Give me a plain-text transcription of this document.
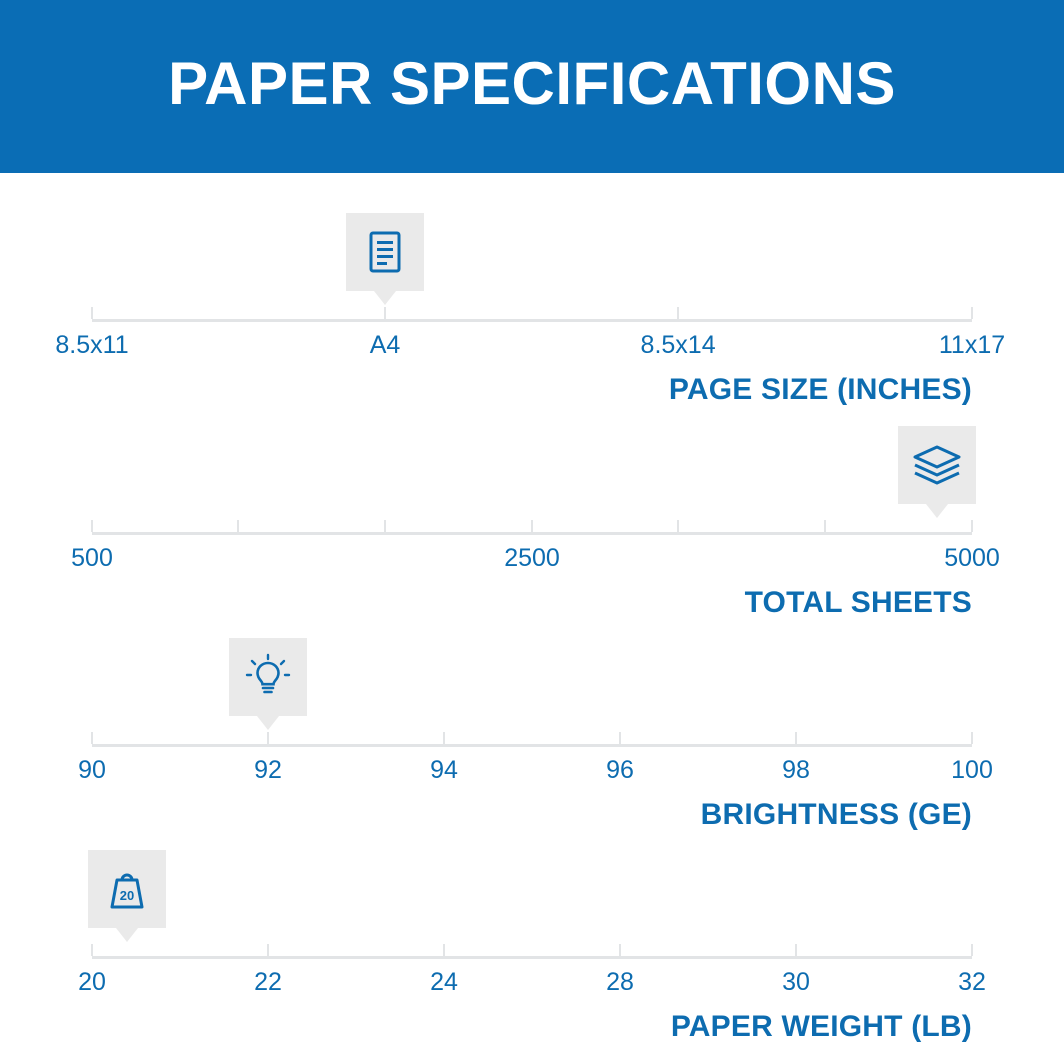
PAPER SPECIFICATIONS
8.5x11	A4	8.5x14	11x17
PAGE SIZE (INCHES)
500	2500	5000
TOTAL SHEETS
90	92	94	96	98	100
BRIGHTNESS (GE)
20
20	22	24	28	30	32
PAPER WEIGHT (LB)
